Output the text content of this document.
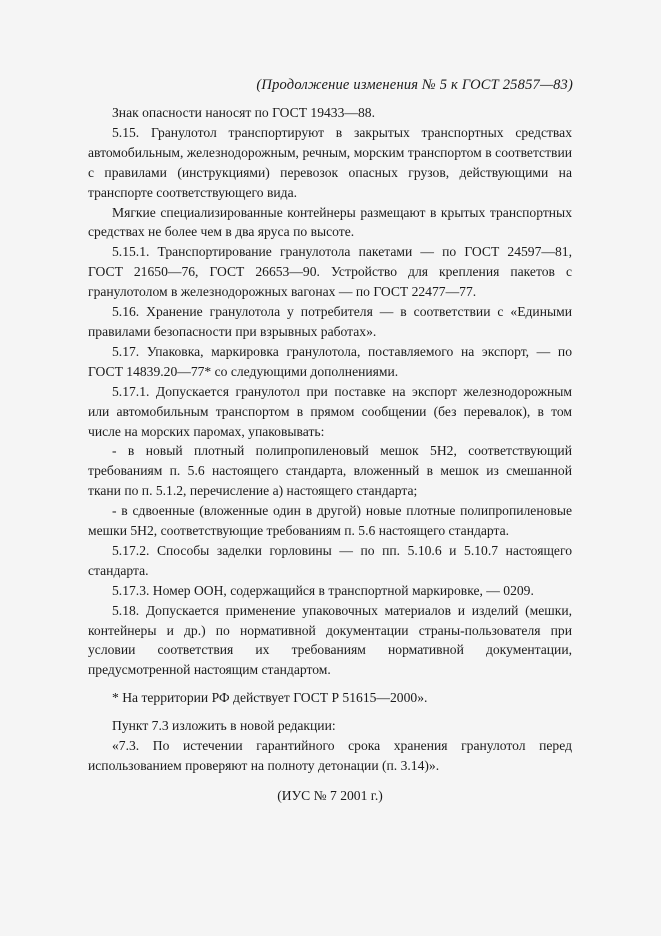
(Продолжение изменения № 5 к ГОСТ 25857—83)

Знак опасности наносят по ГОСТ 19433—88.

5.15. Гранулотол транспортируют в закрытых транспортных средствах автомобильным, железнодорожным, речным, морским транспортом в соответствии с правилами (инструкциями) перевозок опасных грузов, действующими на транспорте соответствующего вида.

Мягкие специализированные контейнеры размещают в крытых транспортных средствах не более чем в два яруса по высоте.

5.15.1. Транспортирование гранулотола пакетами — по ГОСТ 24597—81, ГОСТ 21650—76, ГОСТ 26653—90. Устройство для крепления пакетов с гранулотолом в железнодорожных вагонах — по ГОСТ 22477—77.

5.16. Хранение гранулотола у потребителя — в соответствии с «Едиными правилами безопасности при взрывных работах».

5.17. Упаковка, маркировка гранулотола, поставляемого на экспорт, — по ГОСТ 14839.20—77* со следующими дополнениями.

5.17.1. Допускается гранулотол при поставке на экспорт железнодорожным или автомобильным транспортом в прямом сообщении (без перевалок), в том числе на морских паромах, упаковывать:

- в новый плотный полипропиленовый мешок 5Н2, соответствующий требованиям п. 5.6 настоящего стандарта, вложенный в мешок из смешанной ткани по п. 5.1.2, перечисление а) настоящего стандарта;

- в сдвоенные (вложенные один в другой) новые плотные полипропиленовые мешки 5Н2, соответствующие требованиям п. 5.6 настоящего стандарта.

5.17.2. Способы заделки горловины — по пп. 5.10.6 и 5.10.7 настоящего стандарта.

5.17.3. Номер ООН, содержащийся в транспортной маркировке, — 0209.

5.18. Допускается применение упаковочных материалов и изделий (мешки, контейнеры и др.) по нормативной документации страны-пользователя при условии соответствия их требованиям нормативной документации, предусмотренной настоящим стандартом.

* На территории РФ действует ГОСТ Р 51615—2000».

Пункт 7.3 изложить в новой редакции:

«7.3. По истечении гарантийного срока хранения гранулотол перед использованием проверяют на полноту детонации (п. 3.14)».

(ИУС № 7 2001 г.)
